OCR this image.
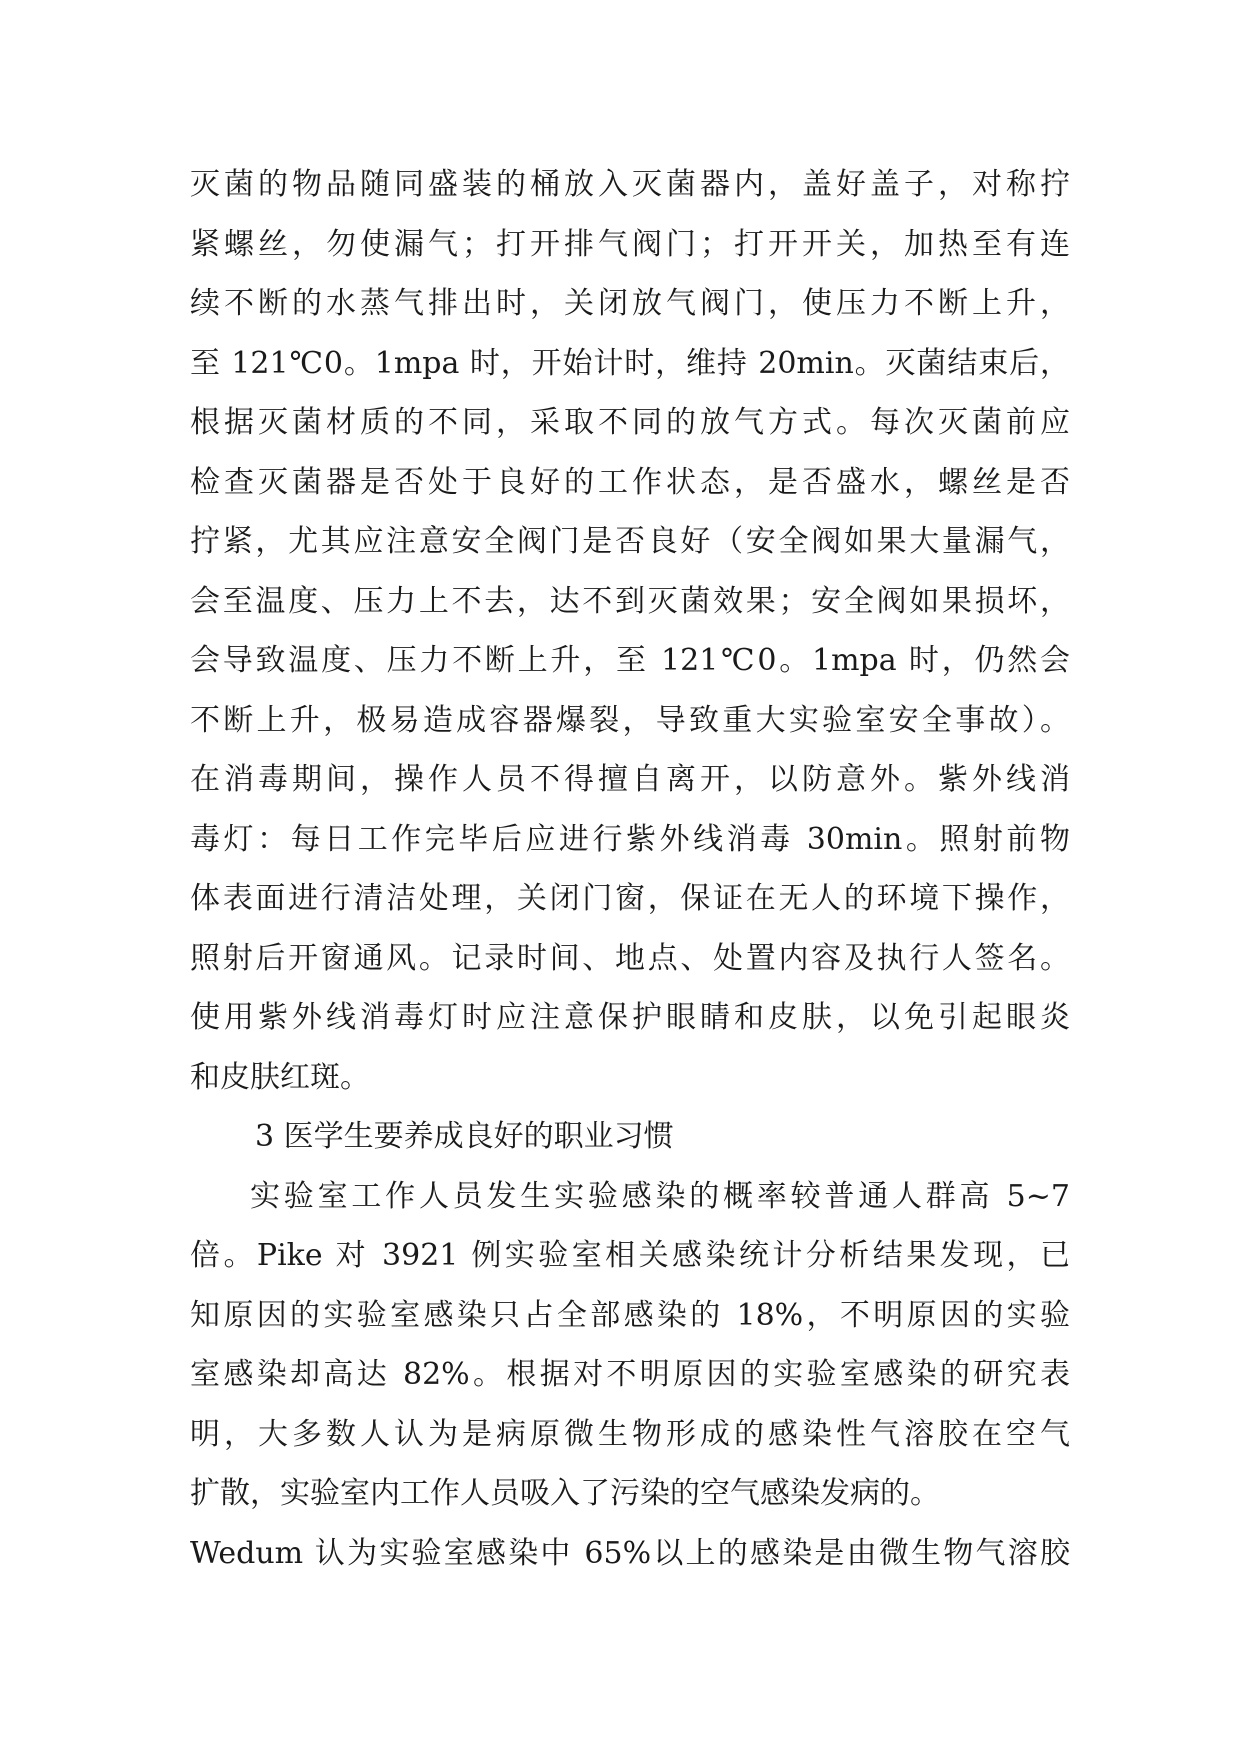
灭菌的物品随同盛装的桶放入灭菌器内，盖好盖子，对称拧
紧螺丝，勿使漏气；打开排气阀门；打开开关，加热至有连
续不断的水蒸气排出时，关闭放气阀门，使压力不断上升，
至 121℃0。1mpa 时，开始计时，维持 20min。灭菌结束后，
根据灭菌材质的不同，采取不同的放气方式。每次灭菌前应
检查灭菌器是否处于良好的工作状态，是否盛水，螺丝是否
拧紧，尤其应注意安全阀门是否良好（安全阀如果大量漏气，
会至温度、压力上不去，达不到灭菌效果；安全阀如果损坏，
会导致温度、压力不断上升，至 121℃0。1mpa 时，仍然会
不断上升，极易造成容器爆裂，导致重大实验室安全事故）。
在消毒期间，操作人员不得擅自离开，以防意外。紫外线消
毒灯：每日工作完毕后应进行紫外线消毒 30min。照射前物
体表面进行清洁处理，关闭门窗，保证在无人的环境下操作，
照射后开窗通风。记录时间、地点、处置内容及执行人签名。
使用紫外线消毒灯时应注意保护眼睛和皮肤，以免引起眼炎
和皮肤红斑。
3 医学生要养成良好的职业习惯
实验室工作人员发生实验感染的概率较普通人群高 5~7
倍。Pike 对 3921 例实验室相关感染统计分析结果发现，已
知原因的实验室感染只占全部感染的 18%，不明原因的实验
室感染却高达 82%。根据对不明原因的实验室感染的研究表
明，大多数人认为是病原微生物形成的感染性气溶胶在空气
扩散，实验室内工作人员吸入了污染的空气感染发病的。
Wedum 认为实验室感染中 65%以上的感染是由微生物气溶胶
